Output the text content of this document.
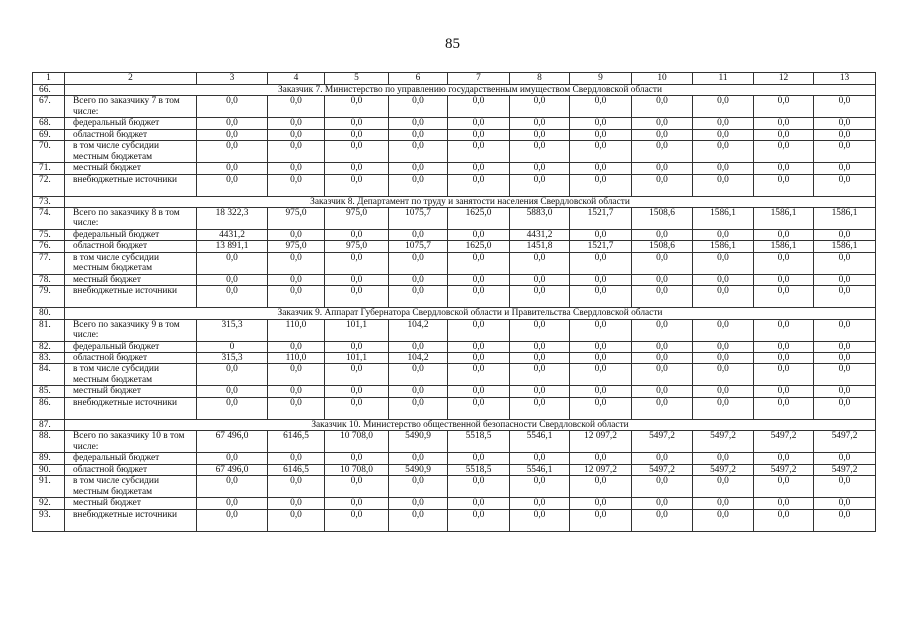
85
1	2	3	4	5	6	7	8	9	10	11	12	13
66.	Заказчик 7. Министерство по управлению государственным имуществом Свердловской области											
67.	Всего по заказчику 7 в том числе:	0,0	0,0	0,0	0,0	0,0	0,0	0,0	0,0	0,0	0,0	0,0
68.	федеральный бюджет	0,0	0,0	0,0	0,0	0,0	0,0	0,0	0,0	0,0	0,0	0,0
69.	областной бюджет	0,0	0,0	0,0	0,0	0,0	0,0	0,0	0,0	0,0	0,0	0,0
70.	в том числе субсидии местным бюджетам	0,0	0,0	0,0	0,0	0,0	0,0	0,0	0,0	0,0	0,0	0,0
71.	местный бюджет	0,0	0,0	0,0	0,0	0,0	0,0	0,0	0,0	0,0	0,0	0,0
72.	внебюджетные источники	0,0	0,0	0,0	0,0	0,0	0,0	0,0	0,0	0,0	0,0	0,0
73.	Заказчик 8. Департамент по труду и занятости населения Свердловской области											
74.	Всего по заказчику 8 в том числе:	18 322,3	975,0	975,0	1075,7	1625,0	5883,0	1521,7	1508,6	1586,1	1586,1	1586,1
75.	федеральный бюджет	4431,2	0,0	0,0	0,0	0,0	4431,2	0,0	0,0	0,0	0,0	0,0
76.	областной бюджет	13 891,1	975,0	975,0	1075,7	1625,0	1451,8	1521,7	1508,6	1586,1	1586,1	1586,1
77.	в том числе субсидии местным бюджетам	0,0	0,0	0,0	0,0	0,0	0,0	0,0	0,0	0,0	0,0	0,0
78.	местный бюджет	0,0	0,0	0,0	0,0	0,0	0,0	0,0	0,0	0,0	0,0	0,0
79.	внебюджетные источники	0,0	0,0	0,0	0,0	0,0	0,0	0,0	0,0	0,0	0,0	0,0
80.	Заказчик 9. Аппарат Губернатора Свердловской области и Правительства Свердловской области											
81.	Всего по заказчику 9 в том числе:	315,3	110,0	101,1	104,2	0,0	0,0	0,0	0,0	0,0	0,0	0,0
82.	федеральный бюджет	0	0,0	0,0	0,0	0,0	0,0	0,0	0,0	0,0	0,0	0,0
83.	областной бюджет	315,3	110,0	101,1	104,2	0,0	0,0	0,0	0,0	0,0	0,0	0,0
84.	в том числе субсидии местным бюджетам	0,0	0,0	0,0	0,0	0,0	0,0	0,0	0,0	0,0	0,0	0,0
85.	местный бюджет	0,0	0,0	0,0	0,0	0,0	0,0	0,0	0,0	0,0	0,0	0,0
86.	внебюджетные источники	0,0	0,0	0,0	0,0	0,0	0,0	0,0	0,0	0,0	0,0	0,0
87.	Заказчик 10. Министерство общественной безопасности Свердловской области											
88.	Всего по заказчику 10 в том числе:	67 496,0	6146,5	10 708,0	5490,9	5518,5	5546,1	12 097,2	5497,2	5497,2	5497,2	5497,2
89.	федеральный бюджет	0,0	0,0	0,0	0,0	0,0	0,0	0,0	0,0	0,0	0,0	0,0
90.	областной бюджет	67 496,0	6146,5	10 708,0	5490,9	5518,5	5546,1	12 097,2	5497,2	5497,2	5497,2	5497,2
91.	в том числе субсидии местным бюджетам	0,0	0,0	0,0	0,0	0,0	0,0	0,0	0,0	0,0	0,0	0,0
92.	местный бюджет	0,0	0,0	0,0	0,0	0,0	0,0	0,0	0,0	0,0	0,0	0,0
93.	внебюджетные источники	0,0	0,0	0,0	0,0	0,0	0,0	0,0	0,0	0,0	0,0	0,0
